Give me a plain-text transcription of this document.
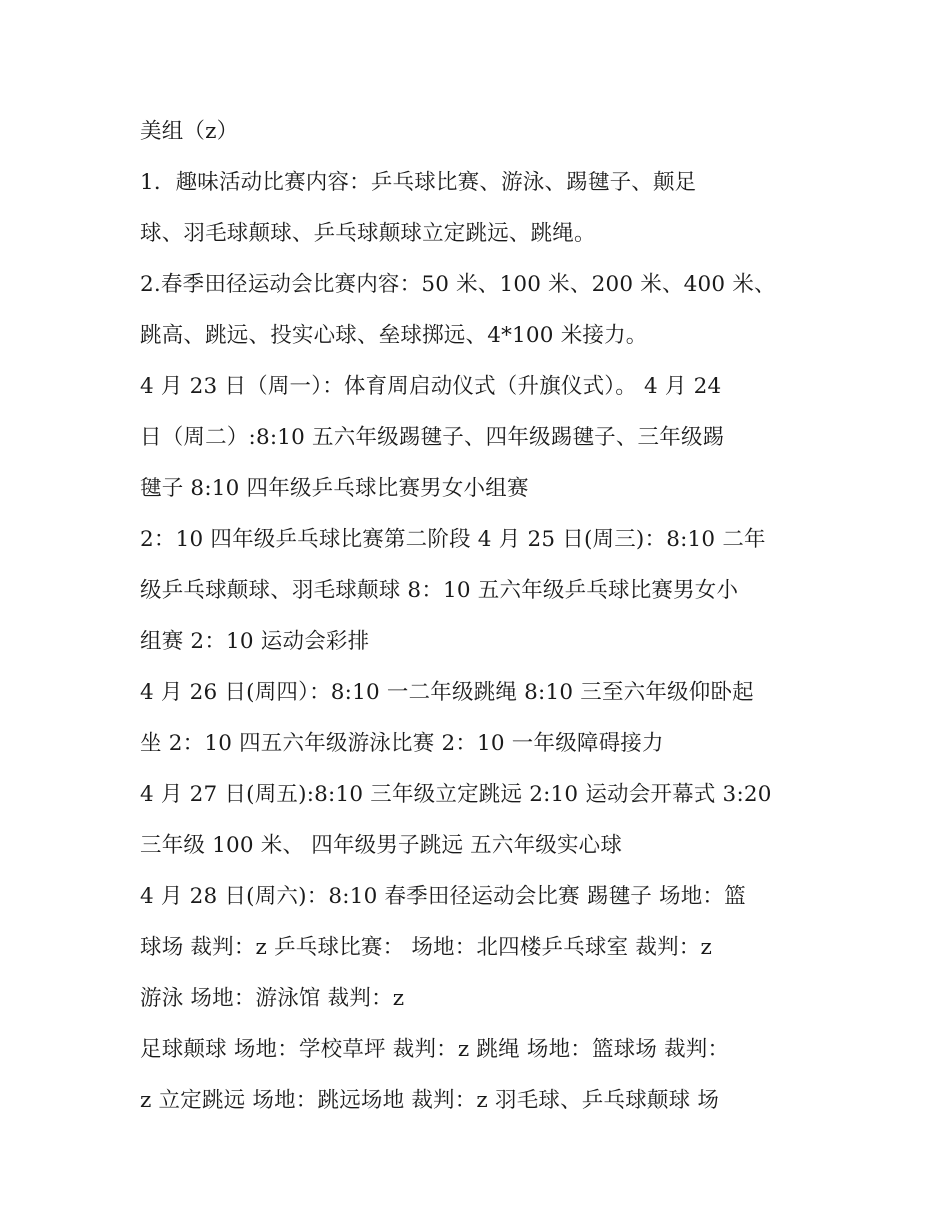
美组（z）
1．趣味活动比赛内容：乒乓球比赛、游泳、踢毽子、颠足
球、羽毛球颠球、乒乓球颠球立定跳远、跳绳。
2.春季田径运动会比赛内容：50 米、100 米、200 米、400 米、
跳高、跳远、投实心球、垒球掷远、4*100 米接力。
4 月 23 日（周一）：体育周启动仪式（升旗仪式）。 4 月 24
日（周二）:8:10 五六年级踢毽子、四年级踢毽子、三年级踢
毽子 8:10 四年级乒乓球比赛男女小组赛
2：10 四年级乒乓球比赛第二阶段 4 月 25 日(周三)：8:10 二年
级乒乓球颠球、羽毛球颠球 8：10 五六年级乒乓球比赛男女小
组赛 2：10 运动会彩排
4 月 26 日(周四）：8:10 一二年级跳绳 8:10 三至六年级仰卧起
坐 2：10 四五六年级游泳比赛 2：10 一年级障碍接力
4 月 27 日(周五):8:10 三年级立定跳远 2:10 运动会开幕式 3:20
三年级 100 米、 四年级男子跳远 五六年级实心球
4 月 28 日(周六)：8:10 春季田径运动会比赛 踢毽子 场地：篮
球场 裁判：z 乒乓球比赛： 场地：北四楼乒乓球室 裁判：z
游泳 场地：游泳馆 裁判：z
足球颠球 场地：学校草坪 裁判：z 跳绳 场地：篮球场 裁判：
z 立定跳远 场地：跳远场地 裁判：z 羽毛球、乒乓球颠球 场
